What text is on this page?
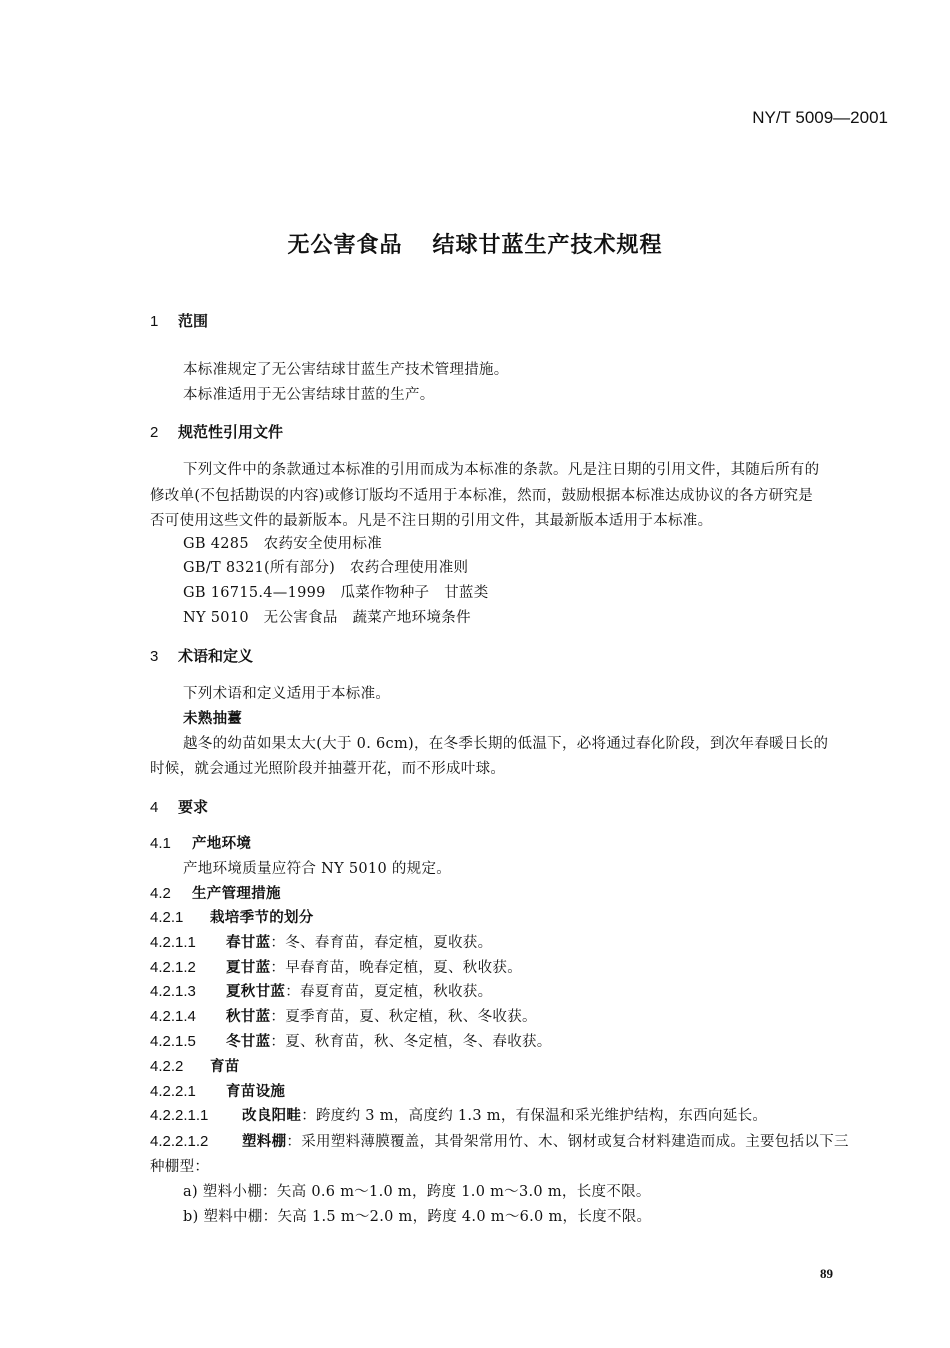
NY/T 5009—2001
无公害食品 结球甘蓝生产技术规程
1 范围
本标准规定了无公害结球甘蓝生产技术管理措施。
本标准适用于无公害结球甘蓝的生产。
2 规范性引用文件
下列文件中的条款通过本标准的引用而成为本标准的条款。凡是注日期的引用文件，其随后所有的
修改单(不包括勘误的内容)或修订版均不适用于本标准，然而，鼓励根据本标准达成协议的各方研究是
否可使用这些文件的最新版本。凡是不注日期的引用文件，其最新版本适用于本标准。
GB 4285　农药安全使用标准
GB/T 8321(所有部分)　农药合理使用准则
GB 16715.4—1999　瓜菜作物种子　甘蓝类
NY 5010　无公害食品　蔬菜产地环境条件
3 术语和定义
下列术语和定义适用于本标准。
未熟抽薹
越冬的幼苗如果太大(大于 0. 6cm)，在冬季长期的低温下，必将通过春化阶段，到次年春暖日长的
时候，就会通过光照阶段并抽薹开花，而不形成叶球。
4 要求
4.1 产地环境
产地环境质量应符合 NY 5010 的规定。
4.2 生产管理措施
4.2.1 栽培季节的划分
4.2.1.1 春甘蓝：冬、春育苗，春定植，夏收获。
4.2.1.2 夏甘蓝：早春育苗，晚春定植，夏、秋收获。
4.2.1.3 夏秋甘蓝：春夏育苗，夏定植，秋收获。
4.2.1.4 秋甘蓝：夏季育苗，夏、秋定植，秋、冬收获。
4.2.1.5 冬甘蓝：夏、秋育苗，秋、冬定植，冬、春收获。
4.2.2 育苗
4.2.2.1 育苗设施
4.2.2.1.1 改良阳畦：跨度约 3 m，高度约 1.3 m，有保温和采光维护结构，东西向延长。
4.2.2.1.2 塑料棚：采用塑料薄膜覆盖，其骨架常用竹、木、钢材或复合材料建造而成。主要包括以下三
种棚型：
a) 塑料小棚：矢高 0.6 m～1.0 m，跨度 1.0 m～3.0 m，长度不限。
b) 塑料中棚：矢高 1.5 m～2.0 m，跨度 4.0 m～6.0 m，长度不限。
89
